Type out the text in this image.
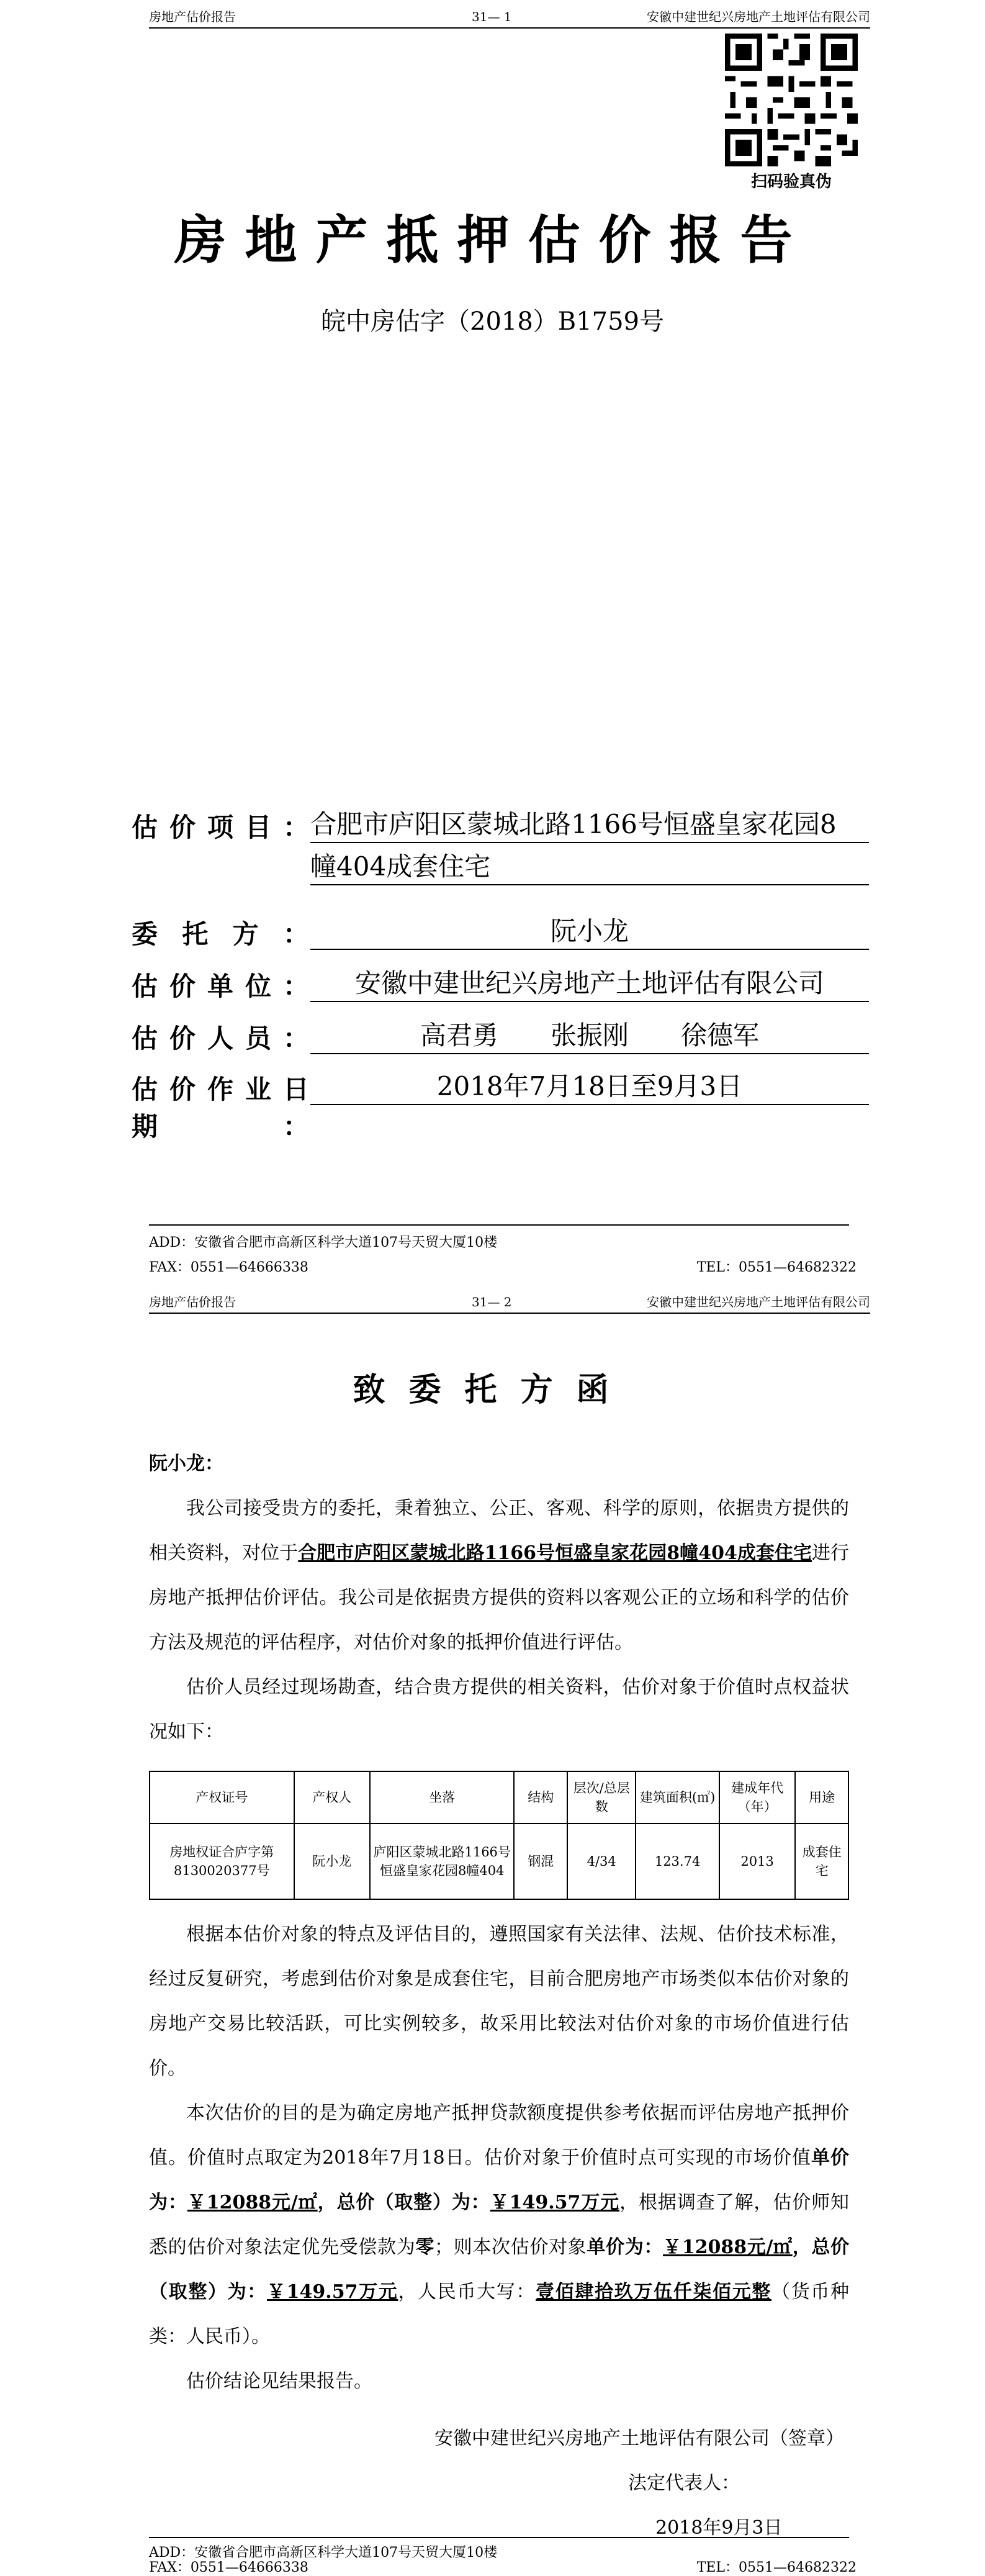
房地产估价报告	31— 1	安徽中建世纪兴房地产土地评估有限公司
扫码验真伪
房地产抵押估价报告
皖中房估字（2018）B1759号
估价项目： 合肥市庐阳区蒙城北路1166号恒盛皇家花园8
幢404成套住宅
委托方：	阮小龙
估价单位：	安徽中建世纪兴房地产土地评估有限公司
估价人员：	高君勇　　张振刚　　徐德军
估价作业日期：
2018年7月18日至9月3日
ADD：安徽省合肥市高新区科学大道107号天贸大厦10楼
FAX：0551—64666338	TEL：0551—64682322
房地产估价报告	31— 2	安徽中建世纪兴房地产土地评估有限公司
致委托方函

阮小龙：

我公司接受贵方的委托，秉着独立、公正、客观、科学的原则，依据贵方提供的相关资料，对位于合肥市庐阳区蒙城北路1166号恒盛皇家花园8幢404成套住宅进行房地产抵押估价评估。我公司是依据贵方提供的资料以客观公正的立场和科学的估价方法及规范的评估程序，对估价对象的抵押价值进行评估。

估价人员经过现场勘查，结合贵方提供的相关资料，估价对象于价值时点权益状况如下：

产权证号	产权人	坐落	结构	层次/总层数	建筑面积(㎡)	建成年代（年）	用途
房地权证合庐字第8130020377号	阮小龙	庐阳区蒙城北路1166号恒盛皇家花园8幢404	钢混	4/34	123.74	2013	成套住宅

根据本估价对象的特点及评估目的，遵照国家有关法律、法规、估价技术标准，经过反复研究，考虑到估价对象是成套住宅，目前合肥房地产市场类似本估价对象的房地产交易比较活跃，可比实例较多，故采用比较法对估价对象的市场价值进行估价。

本次估价的目的是为确定房地产抵押贷款额度提供参考依据而评估房地产抵押价值。价值时点取定为2018年7月18日。估价对象于价值时点可实现的市场价值单价为：￥12088元/㎡，总价（取整）为：￥149.57万元，根据调查了解，估价师知悉的估价对象法定优先受偿款为零；则本次估价对象单价为：￥12088元/㎡，总价（取整）为：￥149.57万元，人民币大写：壹佰肆拾玖万伍仟柒佰元整（货币种类：人民币）。

估价结论见结果报告。

安徽中建世纪兴房地产土地评估有限公司（签章）
法定代表人：
2018年9月3日
ADD：安徽省合肥市高新区科学大道107号天贸大厦10楼
FAX：0551—64666338	TEL：0551—64682322
